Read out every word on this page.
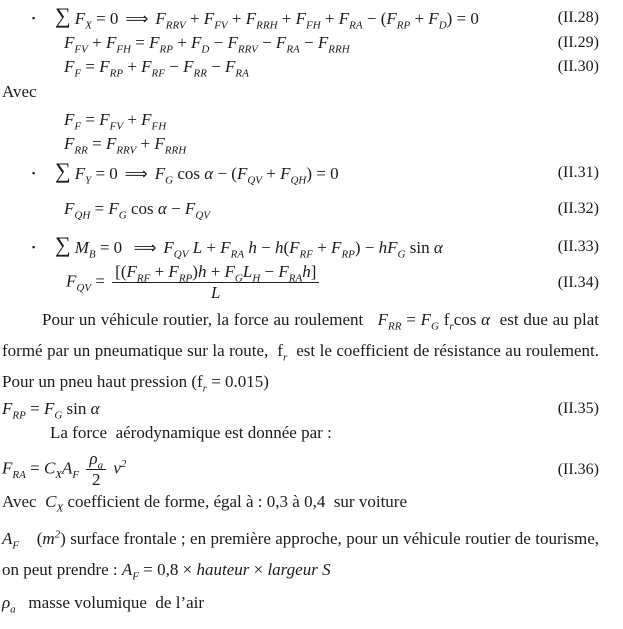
▪ ∑ $F_X = 0$ ⟹ $F_{RRV} + F_{FV} + F_{RRH} + F_{FH} + F_{RA} - (F_{RP} + F_D) = 0$	(II.28)
$F_{FV} + F_{FH} = F_{RP} + F_D - F_{RRV} - F_{RA} - F_{RRH}$	(II.29)
$F_F = F_{RP} + F_{RF} - F_{RR} - F_{RA}$	(II.30)
Avec
$F_F = F_{FV} + F_{FH}$
$F_{RR} = F_{RRV} + F_{RRH}$
▪ ∑ $F_Y = 0$ ⟹ $F_G$ $\cos \alpha - (F_{QV} + F_{QH}) = 0$	(II.31)
$F_{QH} = F_G$ $\cos \alpha - F_{QV}$	(II.32)
▪ ∑ $M_B = 0$ ⟹ $F_{QV}$ $L + F_{RA}$ $h - h(F_{RF} + F_{RP}) - hF_G$ sin α	(II.33)
$F_{QV} = \frac{[(F_{RF} + F_{RP})h + F_GL_H - F_{RA}h]}{L}$	(II.34)
Pour un véhicule routier, la force au roulement   $F_{RR} = F_G$ $f_r\cos$ α  est due au plat formé par un pneumatique sur la route,  $f_r$  est le coefficient de résistance au roulement. Pour un pneu haut pression $(f_r = 0.015)$
$F_{RP} = F_G$ sin α	(II.35)
La force  aérodynamique est donnée par :
$F_{RA} = C_XA_F \frac{\rho_a}{2} v^2$	(II.36)
Avec  $C_X$ coefficient de forme, égal à : 0,3 à 0,4  sur voiture
$A_F$    $(m^2)$ surface frontale ; en première approche, pour un véhicule routier de tourisme, on peut prendre : $A_F = 0,8$ × hauteur × largeur S
$\rho_a$   masse volumique  de l’air
